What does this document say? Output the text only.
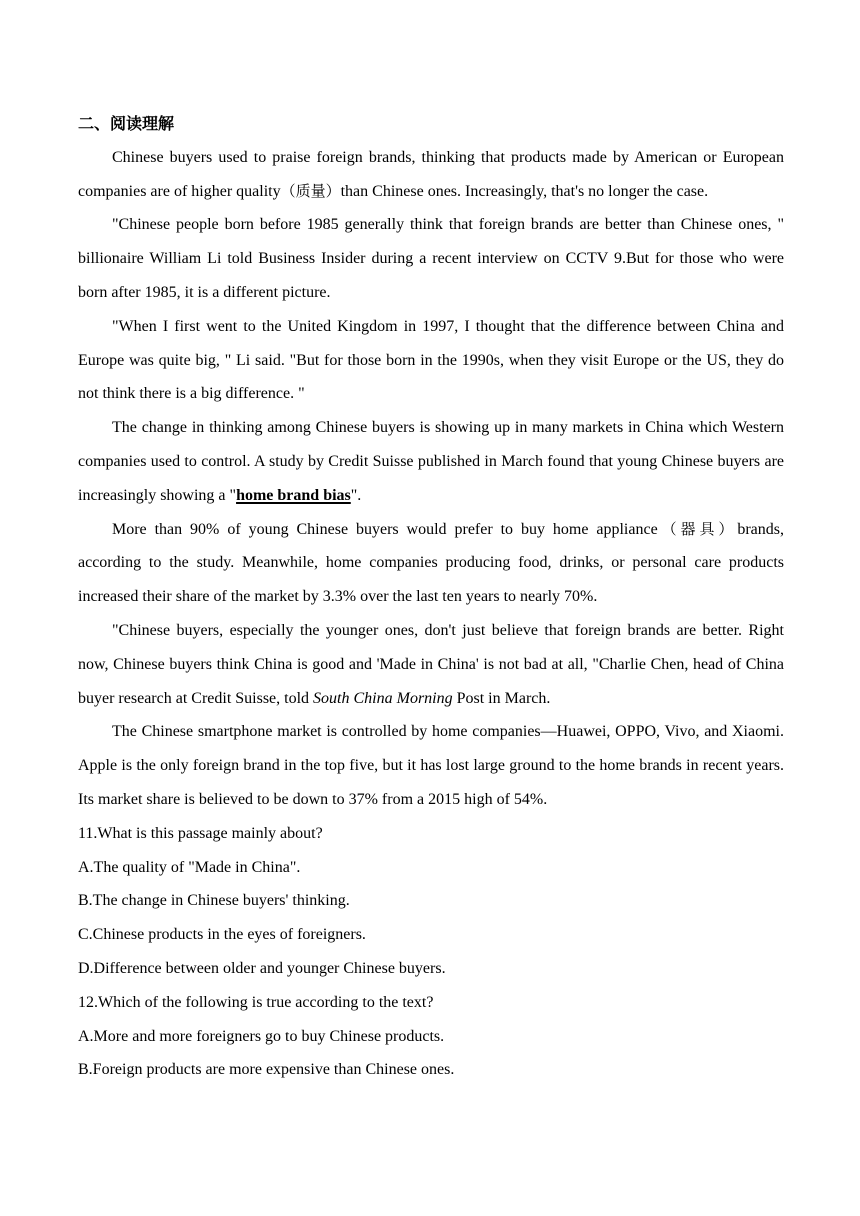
二、阅读理解

Chinese buyers used to praise foreign brands, thinking that products made by American or European companies are of higher quality（质量）than Chinese ones. Increasingly, that's no longer the case.

"Chinese people born before 1985 generally think that foreign brands are better than Chinese ones, " billionaire William Li told Business Insider during a recent interview on CCTV 9.But for those who were born after 1985, it is a different picture.

"When I first went to the United Kingdom in 1997, I thought that the difference between China and Europe was quite big, " Li said. "But for those born in the 1990s, when they visit Europe or the US, they do not think there is a big difference. "

The change in thinking among Chinese buyers is showing up in many markets in China which Western companies used to control. A study by Credit Suisse published in March found that young Chinese buyers are increasingly showing a "home brand bias".

More than 90% of young Chinese buyers would prefer to buy home appliance（器具）brands, according to the study. Meanwhile, home companies producing food, drinks, or personal care products increased their share of the market by 3.3% over the last ten years to nearly 70%.

"Chinese buyers, especially the younger ones, don't just believe that foreign brands are better. Right now, Chinese buyers think China is good and 'Made in China' is not bad at all, "Charlie Chen, head of China buyer research at Credit Suisse, told South China Morning Post in March.

The Chinese smartphone market is controlled by home companies—Huawei, OPPO, Vivo, and Xiaomi. Apple is the only foreign brand in the top five, but it has lost large ground to the home brands in recent years. Its market share is believed to be down to 37% from a 2015 high of 54%.

11.What is this passage mainly about?

A.The quality of "Made in China".

B.The change in Chinese buyers' thinking.

C.Chinese products in the eyes of foreigners.

D.Difference between older and younger Chinese buyers.

12.Which of the following is true according to the text?

A.More and more foreigners go to buy Chinese products.

B.Foreign products are more expensive than Chinese ones.
